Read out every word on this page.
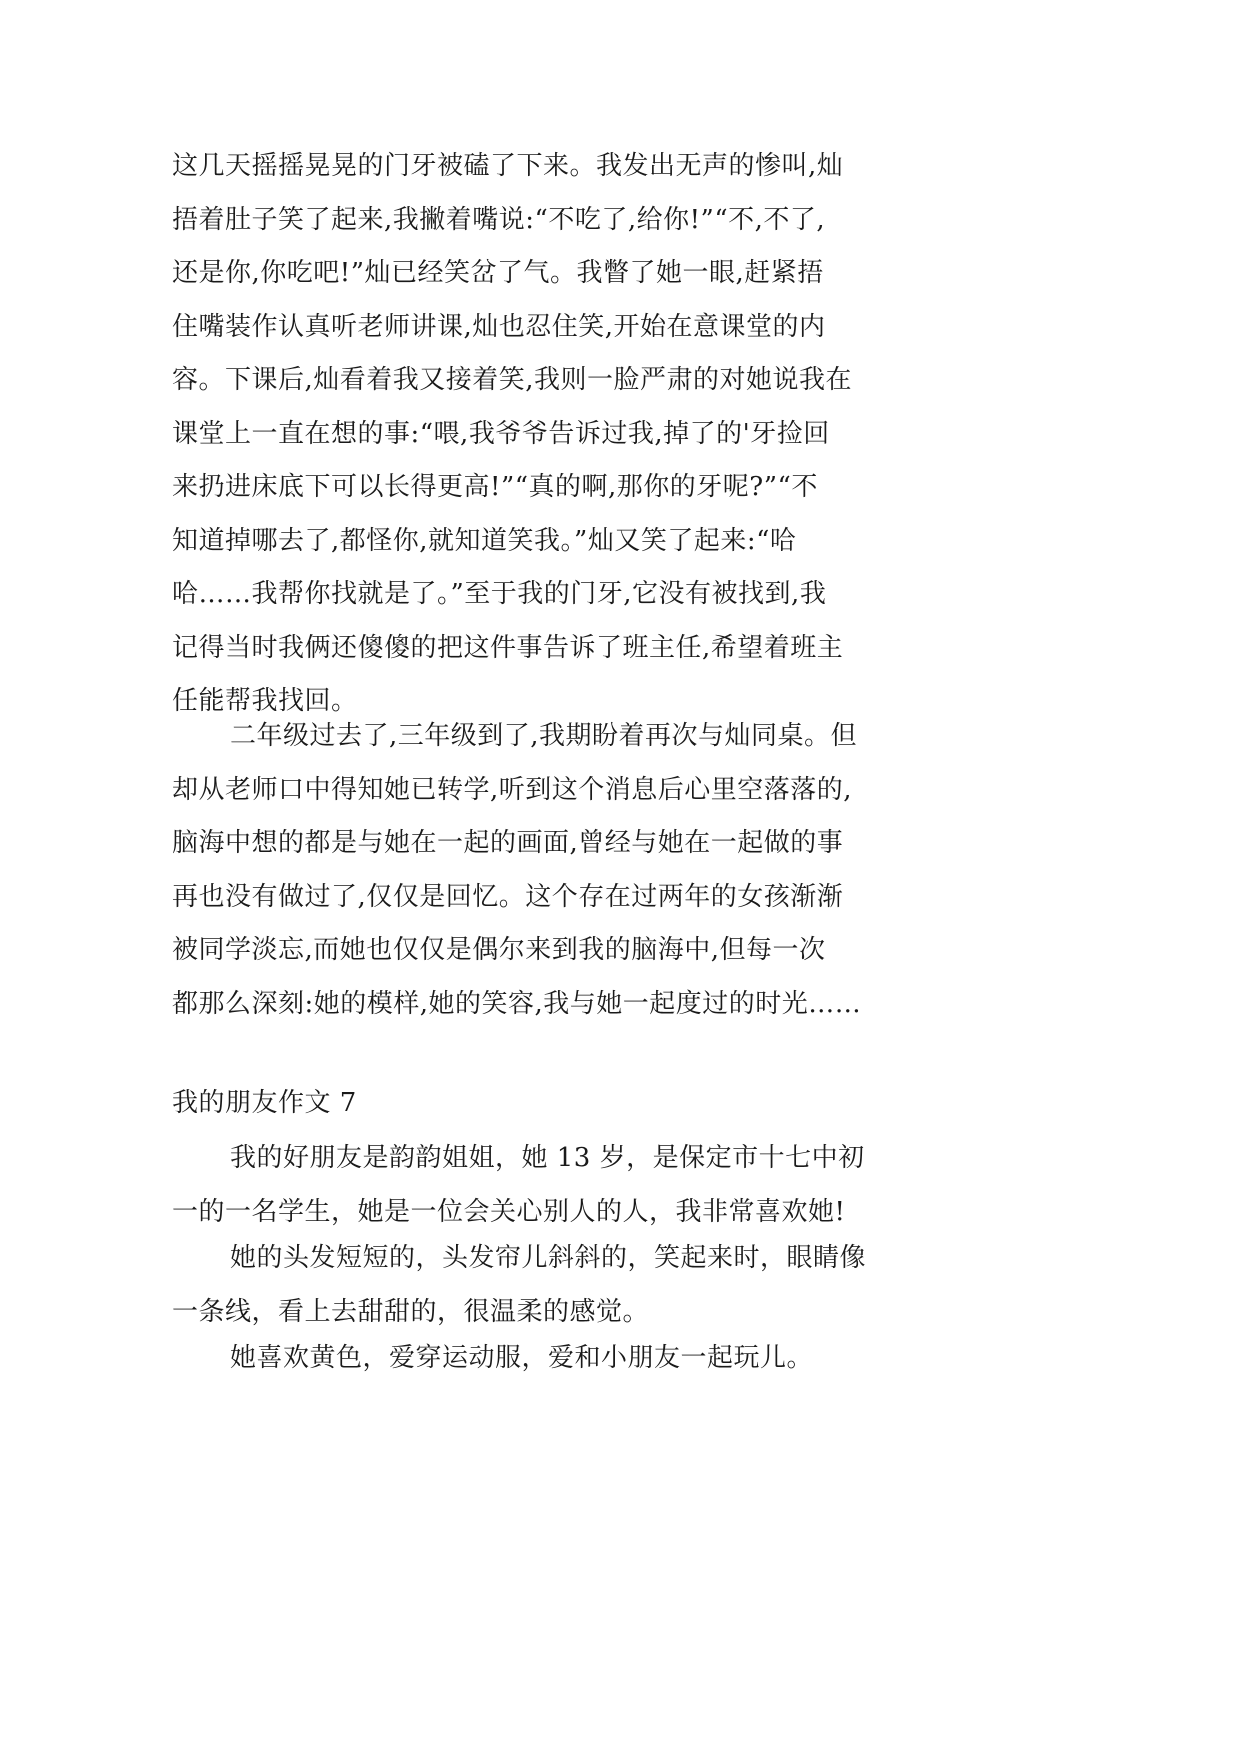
这几天摇摇晃晃的门牙被磕了下来。我发出无声的惨叫,灿
捂着肚子笑了起来,我撇着嘴说:“不吃了,给你!”“不,不了,
还是你,你吃吧!”灿已经笑岔了气。我瞥了她一眼,赶紧捂
住嘴装作认真听老师讲课,灿也忍住笑,开始在意课堂的内
容。下课后,灿看着我又接着笑,我则一脸严肃的对她说我在
课堂上一直在想的事:“喂,我爷爷告诉过我,掉了的'牙捡回
来扔进床底下可以长得更高!”“真的啊,那你的牙呢?”“不
知道掉哪去了,都怪你,就知道笑我。”灿又笑了起来:“哈
哈……我帮你找就是了。”至于我的门牙,它没有被找到,我
记得当时我俩还傻傻的把这件事告诉了班主任,希望着班主
任能帮我找回。
二年级过去了,三年级到了,我期盼着再次与灿同桌。但
却从老师口中得知她已转学,听到这个消息后心里空落落的,
脑海中想的都是与她在一起的画面,曾经与她在一起做的事
再也没有做过了,仅仅是回忆。这个存在过两年的女孩渐渐
被同学淡忘,而她也仅仅是偶尔来到我的脑海中,但每一次
都那么深刻:她的模样,她的笑容,我与她一起度过的时光……
我的朋友作文 7
我的好朋友是韵韵姐姐，她 13 岁，是保定市十七中初
一的一名学生，她是一位会关心别人的人，我非常喜欢她!
她的头发短短的，头发帘儿斜斜的，笑起来时，眼睛像
一条线，看上去甜甜的，很温柔的感觉。
她喜欢黄色，爱穿运动服，爱和小朋友一起玩儿。
